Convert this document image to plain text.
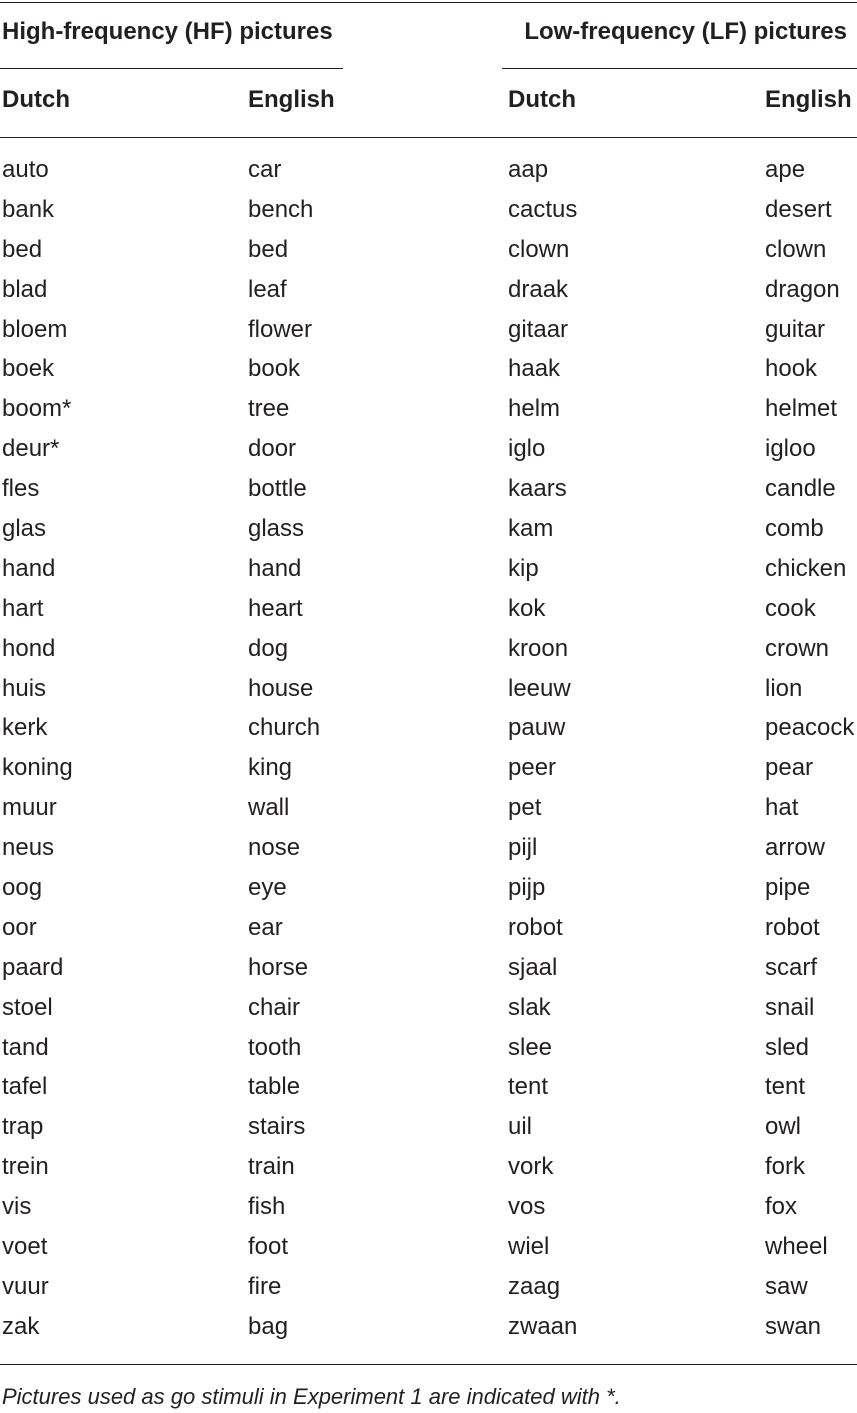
High-frequency (HF) pictures	Low-frequency (LF) pictures
Dutch	English	Dutch	English
auto	car	aap	ape
bank	bench	cactus	desert
bed	bed	clown	clown
blad	leaf	draak	dragon
bloem	flower	gitaar	guitar
boek	book	haak	hook
boom*	tree	helm	helmet
deur*	door	iglo	igloo
fles	bottle	kaars	candle
glas	glass	kam	comb
hand	hand	kip	chicken
hart	heart	kok	cook
hond	dog	kroon	crown
huis	house	leeuw	lion
kerk	church	pauw	peacock
koning	king	peer	pear
muur	wall	pet	hat
neus	nose	pijl	arrow
oog	eye	pijp	pipe
oor	ear	robot	robot
paard	horse	sjaal	scarf
stoel	chair	slak	snail
tand	tooth	slee	sled
tafel	table	tent	tent
trap	stairs	uil	owl
trein	train	vork	fork
vis	fish	vos	fox
voet	foot	wiel	wheel
vuur	fire	zaag	saw
zak	bag	zwaan	swan
Pictures used as go stimuli in Experiment 1 are indicated with *.
